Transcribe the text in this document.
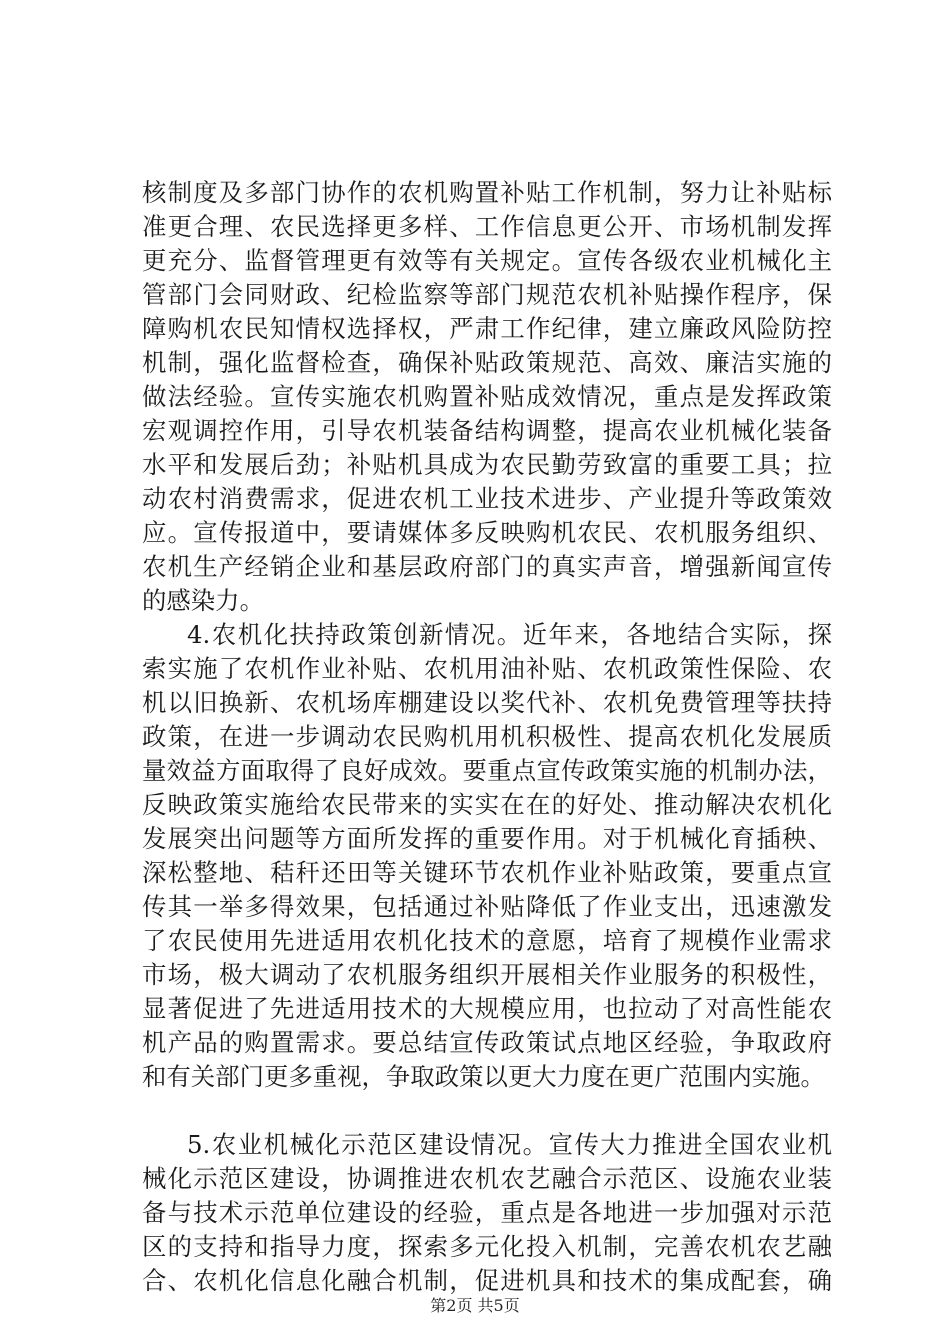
核制度及多部门协作的农机购置补贴工作机制，努力让补贴标
准更合理、农民选择更多样、工作信息更公开、市场机制发挥
更充分、监督管理更有效等有关规定。宣传各级农业机械化主
管部门会同财政、纪检监察等部门规范农机补贴操作程序，保
障购机农民知情权选择权，严肃工作纪律，建立廉政风险防控
机制，强化监督检查，确保补贴政策规范、高效、廉洁实施的
做法经验。宣传实施农机购置补贴成效情况，重点是发挥政策
宏观调控作用，引导农机装备结构调整，提高农业机械化装备
水平和发展后劲；补贴机具成为农民勤劳致富的重要工具；拉
动农村消费需求，促进农机工业技术进步、产业提升等政策效
应。宣传报道中，要请媒体多反映购机农民、农机服务组织、
农机生产经销企业和基层政府部门的真实声音，增强新闻宣传
的感染力。
4.农机化扶持政策创新情况。近年来，各地结合实际，探
索实施了农机作业补贴、农机用油补贴、农机政策性保险、农
机以旧换新、农机场库棚建设以奖代补、农机免费管理等扶持
政策，在进一步调动农民购机用机积极性、提高农机化发展质
量效益方面取得了良好成效。要重点宣传政策实施的机制办法，
反映政策实施给农民带来的实实在在的好处、推动解决农机化
发展突出问题等方面所发挥的重要作用。对于机械化育插秧、
深松整地、秸秆还田等关键环节农机作业补贴政策，要重点宣
传其一举多得效果，包括通过补贴降低了作业支出，迅速激发
了农民使用先进适用农机化技术的意愿，培育了规模作业需求
市场，极大调动了农机服务组织开展相关作业服务的积极性，
显著促进了先进适用技术的大规模应用，也拉动了对高性能农
机产品的购置需求。要总结宣传政策试点地区经验，争取政府
和有关部门更多重视，争取政策以更大力度在更广范围内实施。
5.农业机械化示范区建设情况。宣传大力推进全国农业机
械化示范区建设，协调推进农机农艺融合示范区、设施农业装
备与技术示范单位建设的经验，重点是各地进一步加强对示范
区的支持和指导力度，探索多元化投入机制，完善农机农艺融
合、农机化信息化融合机制，促进机具和技术的集成配套，确
第2页 共5页
